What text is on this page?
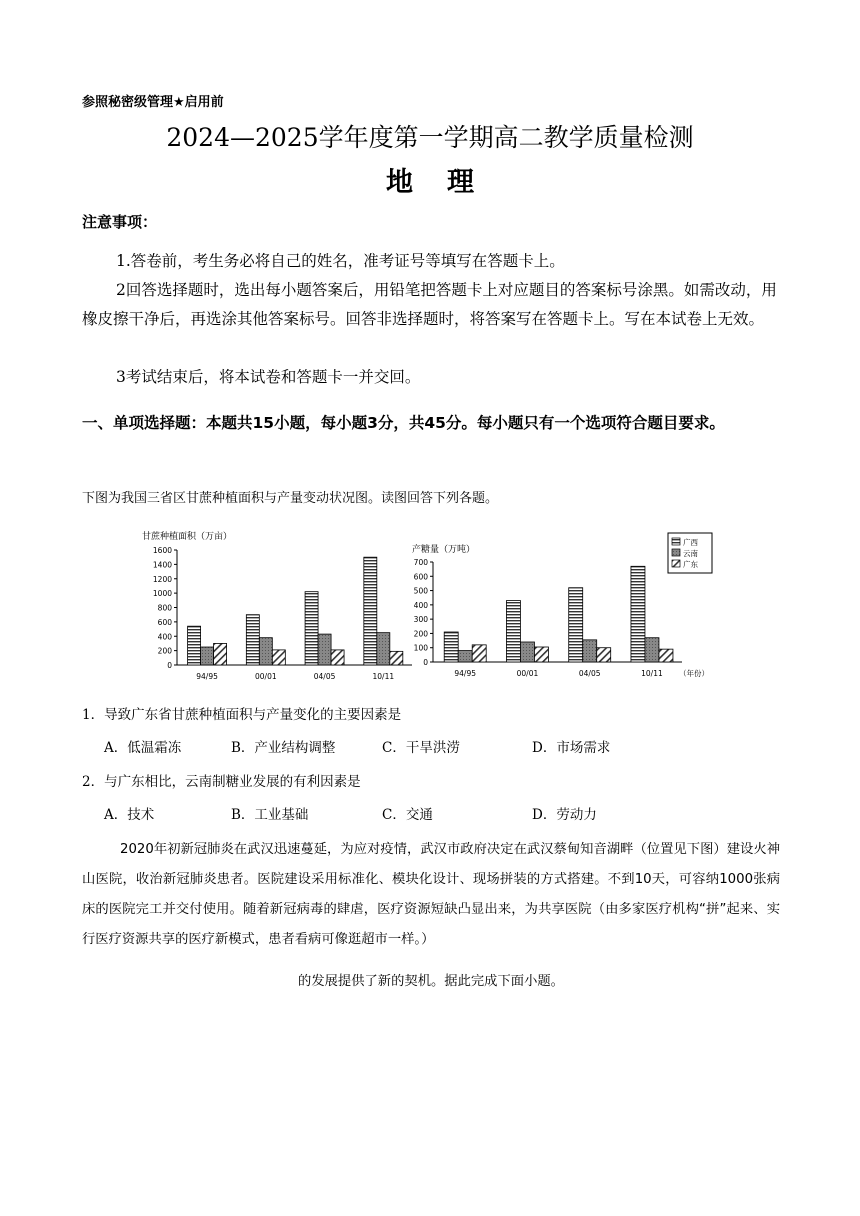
参照秘密级管理★启用前
2024—2025学年度第一学期高二教学质量检测
地理
注意事项：
1.答卷前，考生务必将自己的姓名，准考证号等填写在答题卡上。
2回答选择题时，选出每小题答案后，用铅笔把答题卡上对应题目的答案标号涂黑。如需改动，用橡皮擦干净后，再选涂其他答案标号。回答非选择题时，将答案写在答题卡上。写在本试卷上无效。
3考试结束后，将本试卷和答题卡一并交回。
一、单项选择题：本题共15小题，每小题3分，共45分。每小题只有一个选项符合题目要求。
下图为我国三省区甘蔗种植面积与产量变动状况图。读图回答下列各题。
甘蔗种植面积（万亩）
0
200
400
600
800
1000
1200
1400
1600
94/95	00/01	04/05	10/11
产糖量（万吨）
0
100
200
300
400
500
600
700
94/95	00/01	04/05	10/11 （年份）
广西
云南
广东
1．导致广东省甘蔗种植面积与产量变化的主要因素是
A．低温霜冻	B．产业结构调整	C．干旱洪涝	D．市场需求
2．与广东相比，云南制糖业发展的有利因素是
A．技术	B．工业基础	C．交通	D．劳动力
2020年初新冠肺炎在武汉迅速蔓延，为应对疫情，武汉市政府决定在武汉蔡甸知音湖畔（位置见下图）建设火神山医院，收治新冠肺炎患者。医院建设采用标准化、模块化设计、现场拼装的方式搭建。不到10天，可容纳1000张病床的医院完工并交付使用。随着新冠病毒的肆虐，医疗资源短缺凸显出来，为共享医院（由多家医疗机构“拼”起来、实行医疗资源共享的医疗新模式，患者看病可像逛超市一样。）
的发展提供了新的契机。据此完成下面小题。
